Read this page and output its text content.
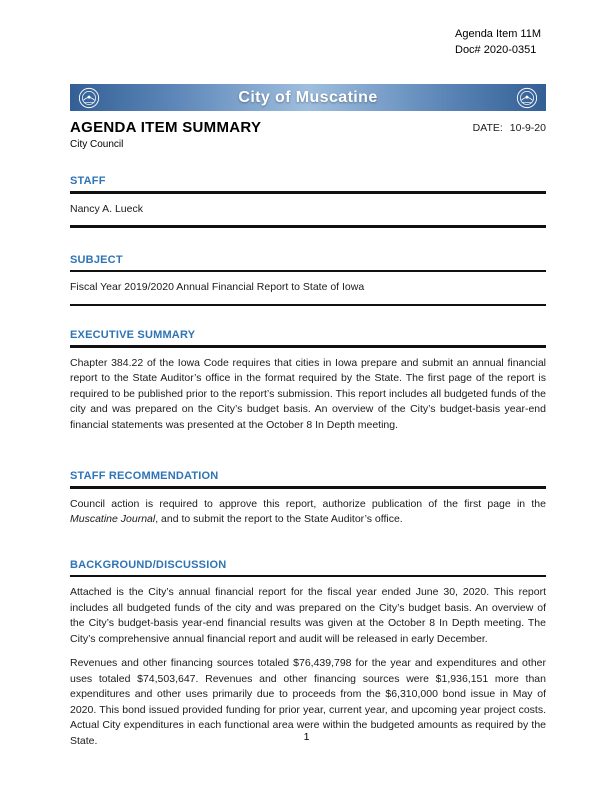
Agenda Item 11M
Doc# 2020-0351
City of Muscatine
AGENDA ITEM SUMMARY
City Council
DATE: 10-9-20
STAFF
Nancy A. Lueck
SUBJECT
Fiscal Year 2019/2020 Annual Financial Report to State of Iowa
EXECUTIVE SUMMARY
Chapter 384.22 of the Iowa Code requires that cities in Iowa prepare and submit an annual financial report to the State Auditor’s office in the format required by the State. The first page of the report is required to be published prior to the report’s submission. This report includes all budgeted funds of the city and was prepared on the City’s budget basis. An overview of the City’s budget-basis year-end financial statements was presented at the October 8 In Depth meeting.
STAFF RECOMMENDATION
Council action is required to approve this report, authorize publication of the first page in the Muscatine Journal, and to submit the report to the State Auditor’s office.
BACKGROUND/DISCUSSION
Attached is the City’s annual financial report for the fiscal year ended June 30, 2020. This report includes all budgeted funds of the city and was prepared on the City’s budget basis. An overview of the City’s budget-basis year-end financial results was given at the October 8 In Depth meeting. The City’s comprehensive annual financial report and audit will be released in early December.
Revenues and other financing sources totaled $76,439,798 for the year and expenditures and other uses totaled $74,503,647. Revenues and other financing sources were $1,936,151 more than expenditures and other uses primarily due to proceeds from the $6,310,000 bond issue in May of 2020. This bond issued provided funding for prior year, current year, and upcoming year project costs. Actual City expenditures in each functional area were within the budgeted amounts as required by the State.	1
